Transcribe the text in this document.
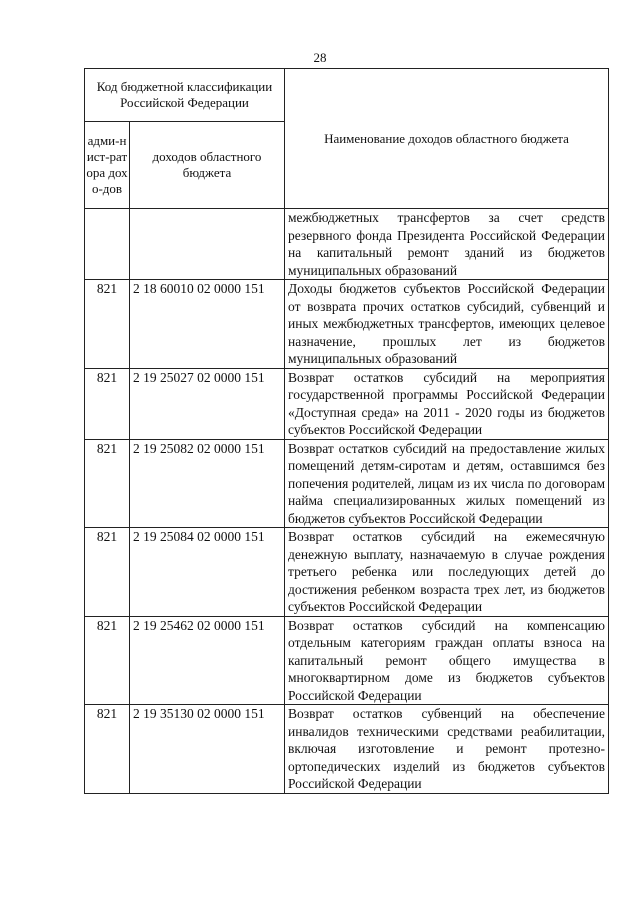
28
Код бюджетной классификации Российской Федерации		Наименование доходов областного бюджета
адми-нист-ратора дохо-дов	доходов областного бюджета	
		межбюджетных трансфертов за счет средств резервного фонда Президента Российской Федерации на капитальный ремонт зданий из бюджетов муниципальных образований
821	2 18 60010 02 0000 151	Доходы бюджетов субъектов Российской Федерации от возврата прочих остатков субсидий, субвенций и иных межбюджетных трансфертов, имеющих целевое назначение, прошлых лет из бюджетов муниципальных образований
821	2 19 25027 02 0000 151	Возврат остатков субсидий на мероприятия государственной программы Российской Федерации «Доступная среда» на 2011 - 2020 годы из бюджетов субъектов Российской Федерации
821	2 19 25082 02 0000 151	Возврат остатков субсидий на предоставление жилых помещений детям-сиротам и детям, оставшимся без попечения родителей, лицам из их числа по договорам найма специализированных жилых помещений из бюджетов субъектов Российской Федерации
821	2 19 25084 02 0000 151	Возврат остатков субсидий на ежемесячную денежную выплату, назначаемую в случае рождения третьего ребенка или последующих детей до достижения ребенком возраста трех лет, из бюджетов субъектов Российской Федерации
821	2 19 25462 02 0000 151	Возврат остатков субсидий на компенсацию отдельным категориям граждан оплаты взноса на капитальный ремонт общего имущества в многоквартирном доме из бюджетов субъектов Российской Федерации
821	2 19 35130 02 0000 151	Возврат остатков субвенций на обеспечение инвалидов техническими средствами реабилитации, включая изготовление и ремонт протезно-ортопедических изделий из бюджетов субъектов Российской Федерации
